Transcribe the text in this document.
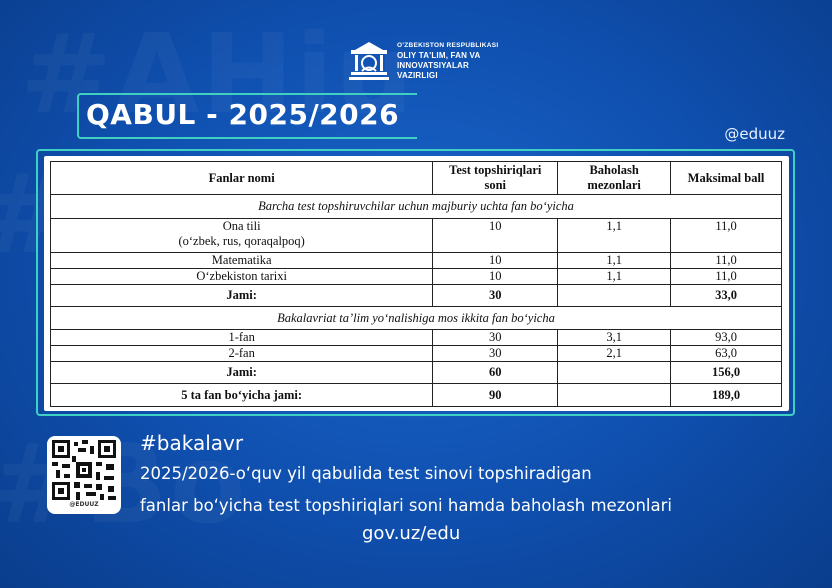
O'ZBEKISTON RESPUBLIKASI
OLIY TA'LIM, FAN VA
INNOVATSIYALAR
VAZIRLIGI
QABUL - 2025/2026
@eduuz
Fanlar nomi	Test topshiriqlari soni	Baholash mezonlari	Maksimal ball
Barcha test topshiruvchilar uchun majburiy uchta fan bo‘yicha			

Ona tili
(o‘zbek, rus, qoraqalpoq)	10	1,1	11,0
Matematika	10	1,1	11,0
O‘zbekiston tarixi	10	1,1	11,0
Jami:	30		33,0
Bakalavriat ta’lim yo‘nalishiga mos ikkita fan bo‘yicha			
1-fan	30	3,1	93,0
2-fan	30	2,1	63,0
Jami:	60		156,0
5 ta fan bo‘yicha jami:	90		189,0
@EDUUZ
#bakalavr
2025/2026-o‘quv yil qabulida test sinovi topshiradigan
fanlar bo‘yicha test topshiriqlari soni hamda baholash mezonlari
gov.uz/edu
